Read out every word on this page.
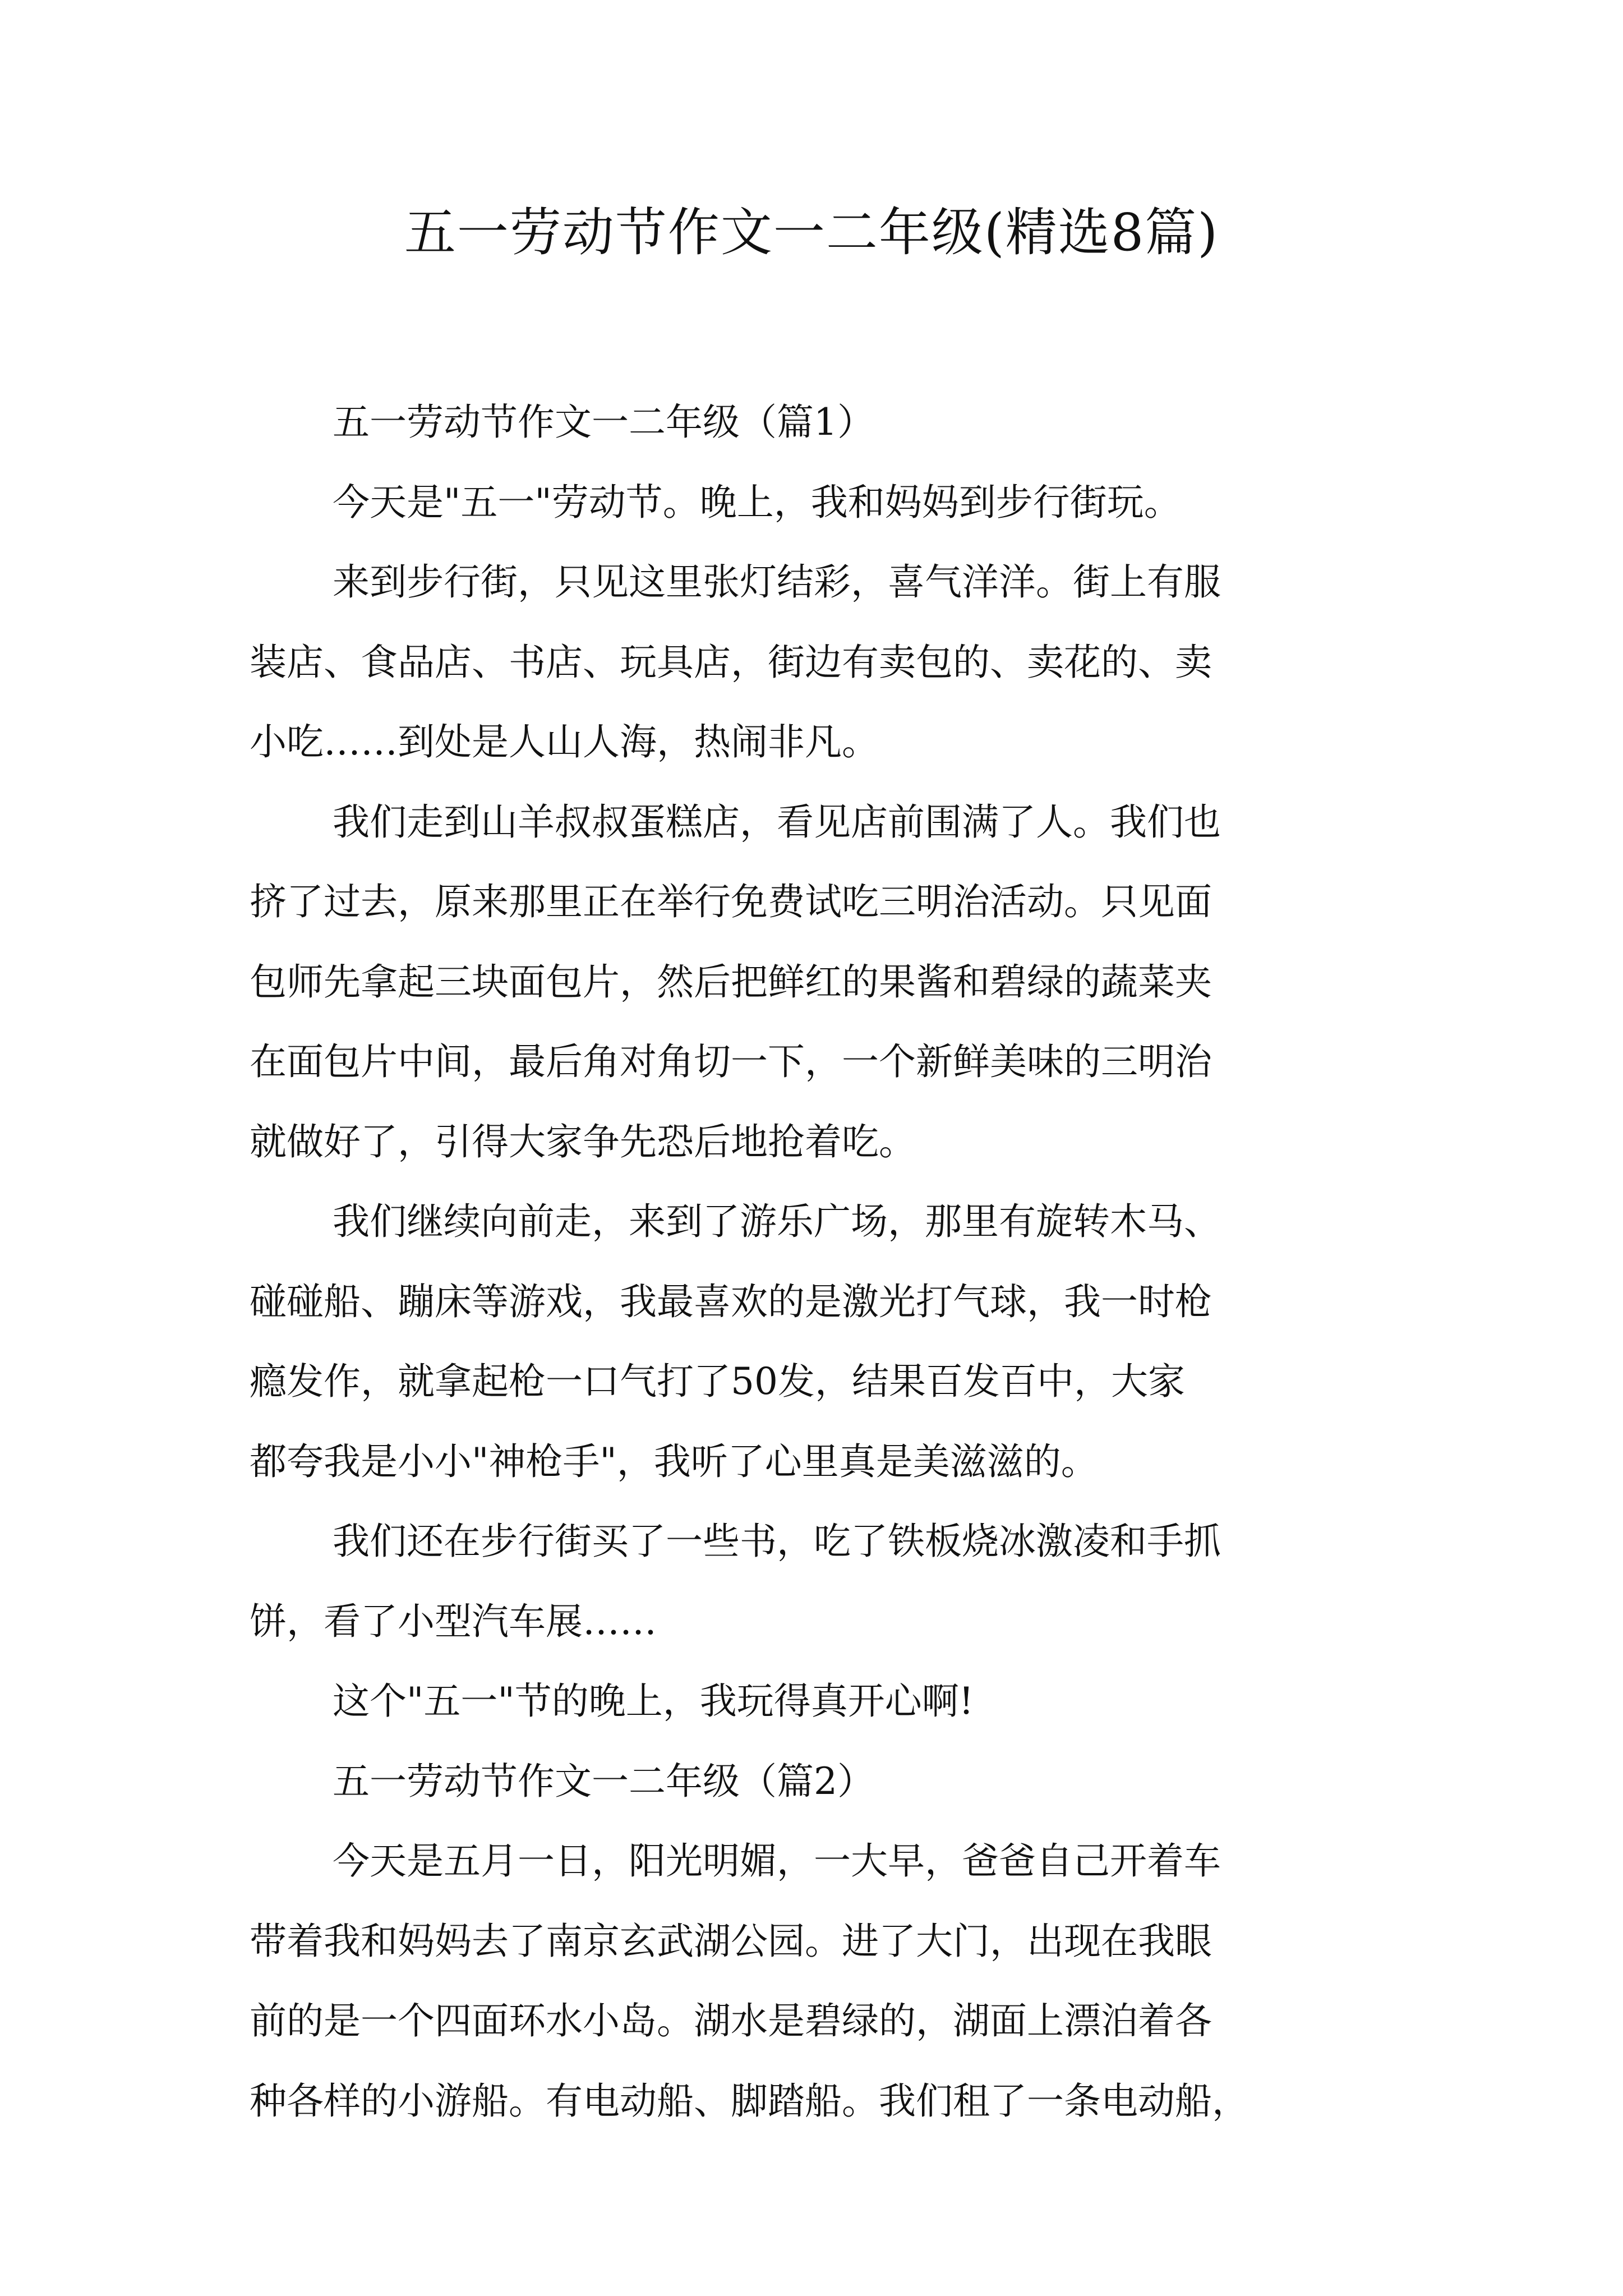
五一劳动节作文一二年级(精选8篇)
五一劳动节作文一二年级（篇1）
今天是"五一"劳动节。晚上，我和妈妈到步行街玩。
来到步行街，只见这里张灯结彩，喜气洋洋。街上有服
装店、食品店、书店、玩具店，街边有卖包的、卖花的、卖
小吃……到处是人山人海，热闹非凡。
我们走到山羊叔叔蛋糕店，看见店前围满了人。我们也
挤了过去，原来那里正在举行免费试吃三明治活动。只见面
包师先拿起三块面包片，然后把鲜红的果酱和碧绿的蔬菜夹
在面包片中间，最后角对角切一下，一个新鲜美味的三明治
就做好了，引得大家争先恐后地抢着吃。
我们继续向前走，来到了游乐广场，那里有旋转木马、
碰碰船、蹦床等游戏，我最喜欢的是激光打气球，我一时枪
瘾发作，就拿起枪一口气打了50发，结果百发百中，大家
都夸我是小小"神枪手"，我听了心里真是美滋滋的。
我们还在步行街买了一些书，吃了铁板烧冰激凌和手抓
饼，看了小型汽车展……
这个"五一"节的晚上，我玩得真开心啊!
五一劳动节作文一二年级（篇2）
今天是五月一日，阳光明媚，一大早，爸爸自己开着车
带着我和妈妈去了南京玄武湖公园。进了大门，出现在我眼
前的是一个四面环水小岛。湖水是碧绿的，湖面上漂泊着各
种各样的小游船。有电动船、脚踏船。我们租了一条电动船，
